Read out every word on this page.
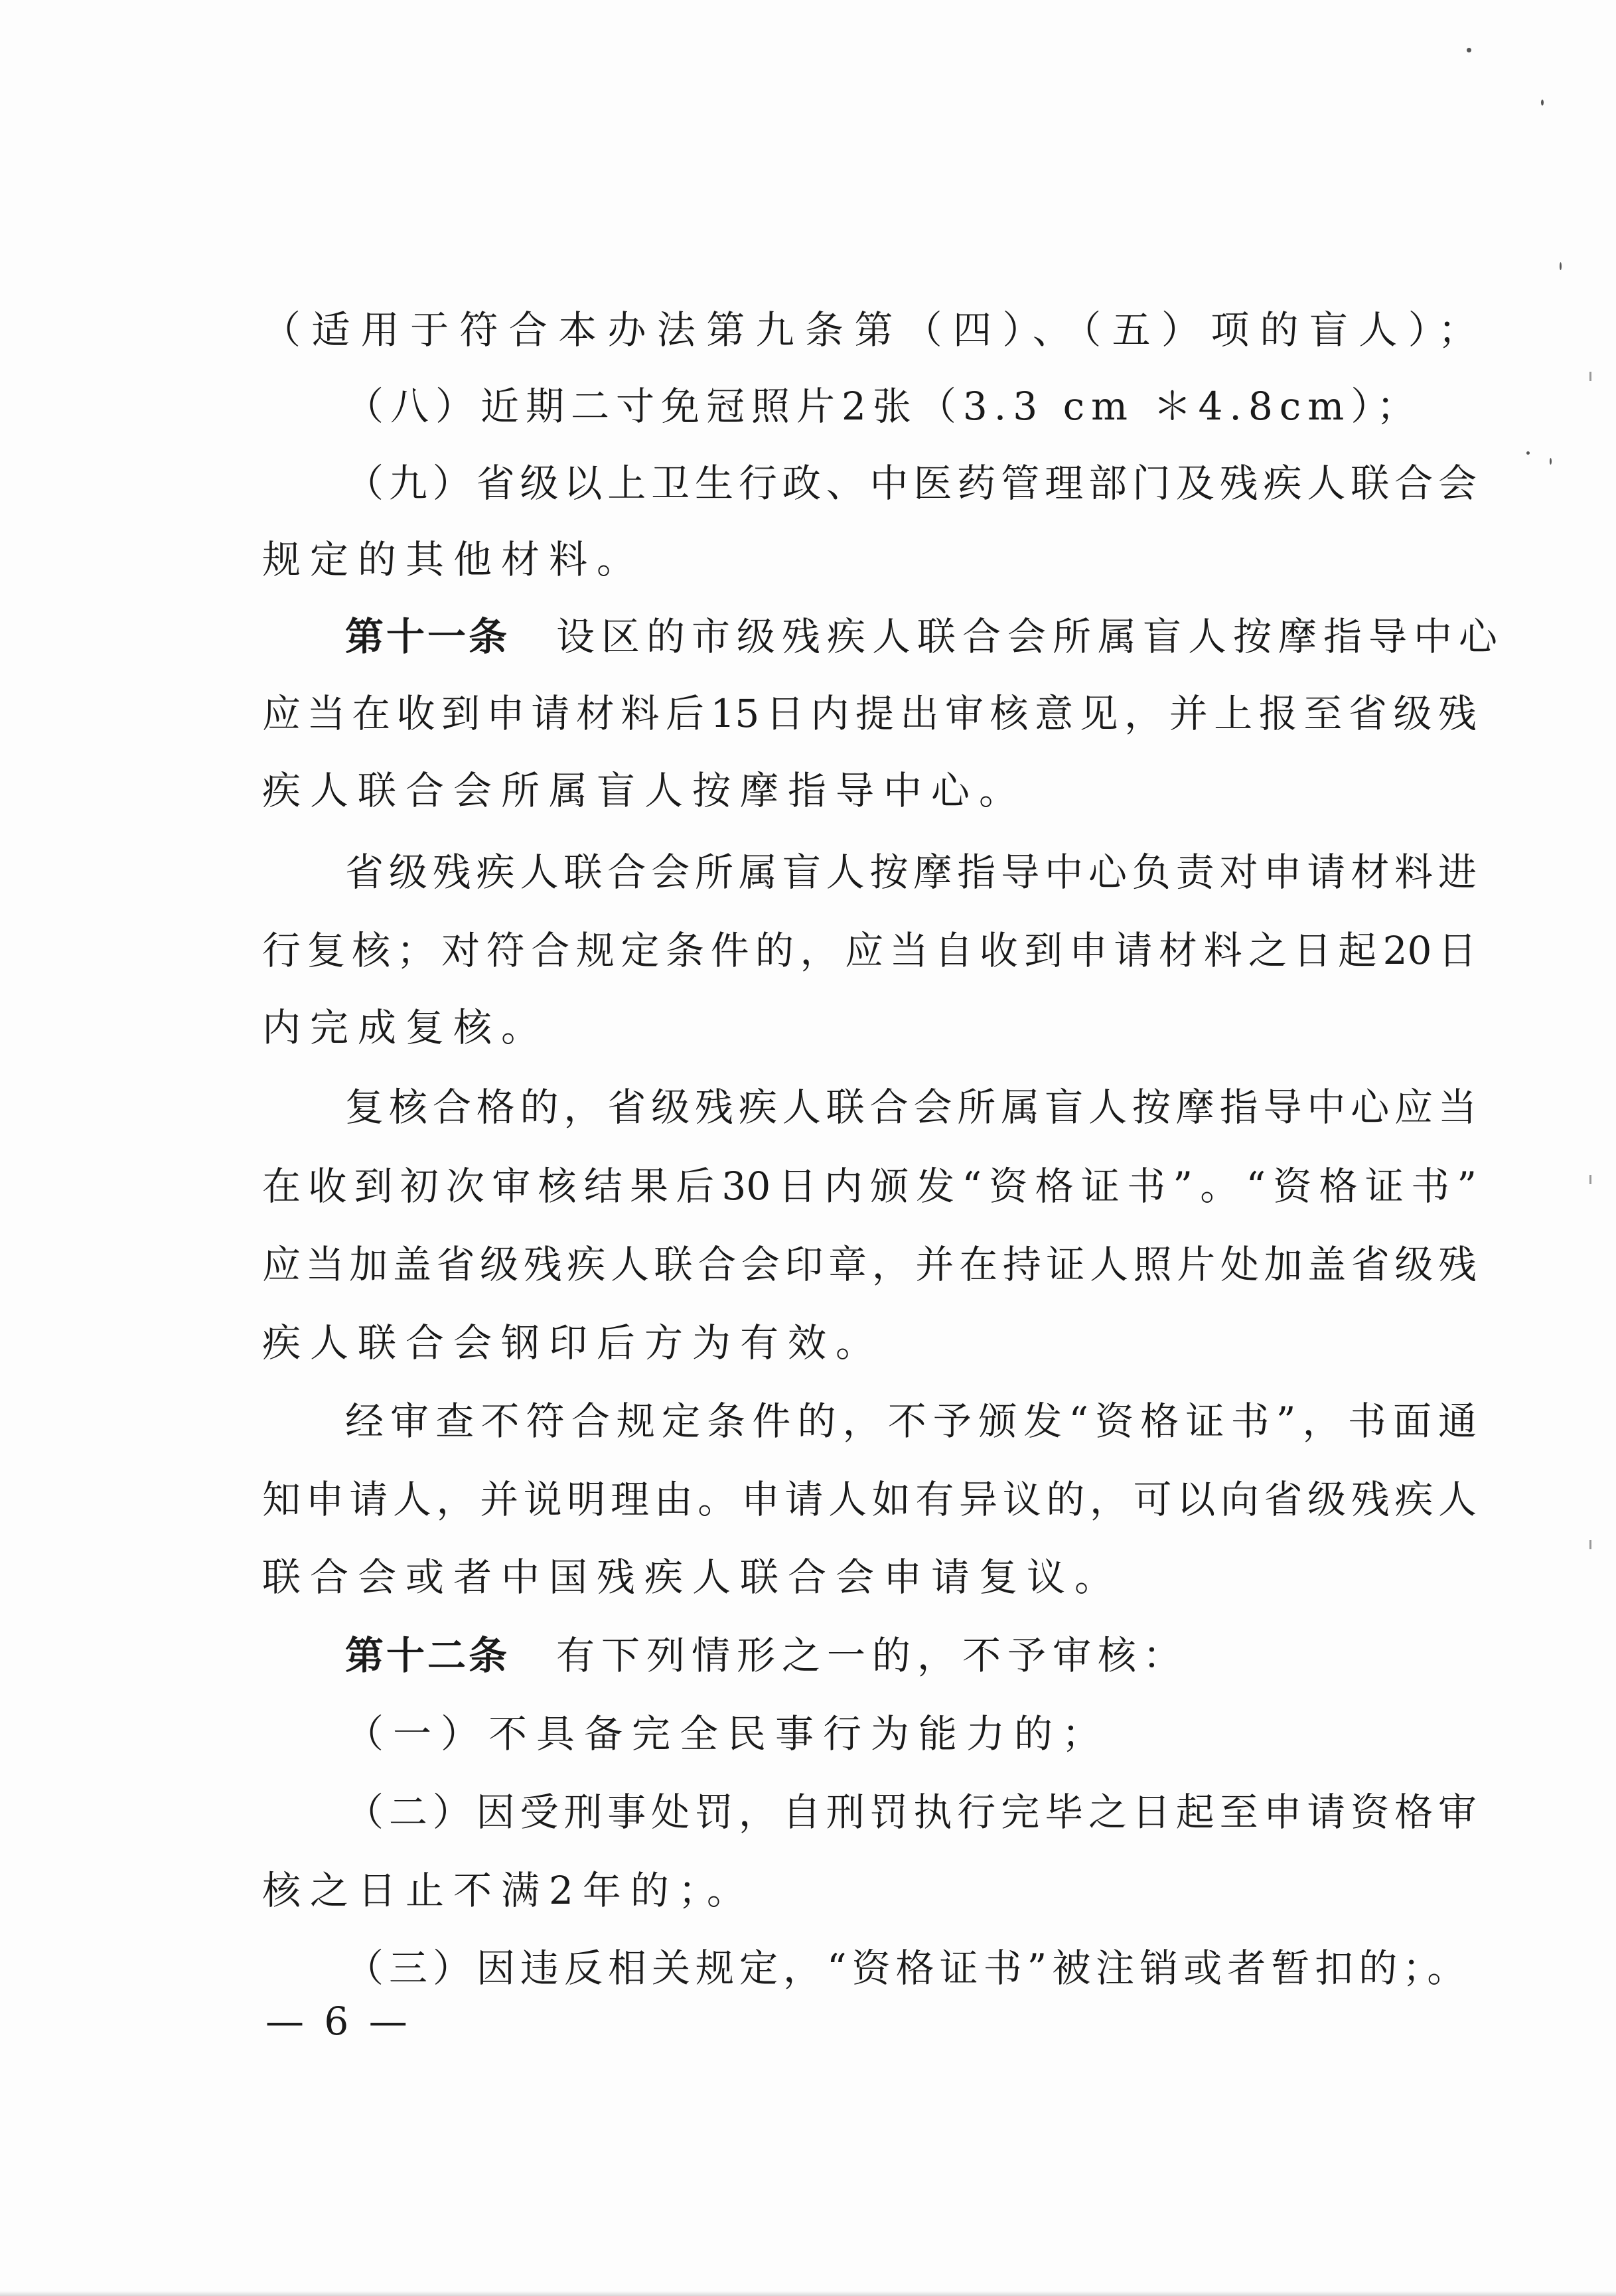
（适用于符合本办法第九条第（四）、（五）项的盲人）；
（八）近期二寸免冠照片2张（3.3 cm ＊4.8cm）；
（九）省级以上卫生行政、中医药管理部门及残疾人联合会
规定的其他材料。
第十一条 设区的市级残疾人联合会所属盲人按摩指导中心
应当在收到申请材料后15日内提出审核意见，并上报至省级残
疾人联合会所属盲人按摩指导中心。
省级残疾人联合会所属盲人按摩指导中心负责对申请材料进
行复核；对符合规定条件的，应当自收到申请材料之日起20日
内完成复核。
复核合格的，省级残疾人联合会所属盲人按摩指导中心应当
在收到初次审核结果后30日内颁发“资格证书”。“资格证书”
应当加盖省级残疾人联合会印章，并在持证人照片处加盖省级残
疾人联合会钢印后方为有效。
经审查不符合规定条件的，不予颁发“资格证书”，书面通
知申请人，并说明理由。申请人如有异议的，可以向省级残疾人
联合会或者中国残疾人联合会申请复议。
第十二条 有下列情形之一的，不予审核：
（一）不具备完全民事行为能力的；
（二）因受刑事处罚，自刑罚执行完毕之日起至申请资格审
核之日止不满2年的；。
（三）因违反相关规定，“资格证书”被注销或者暂扣的；。
— 6 —
